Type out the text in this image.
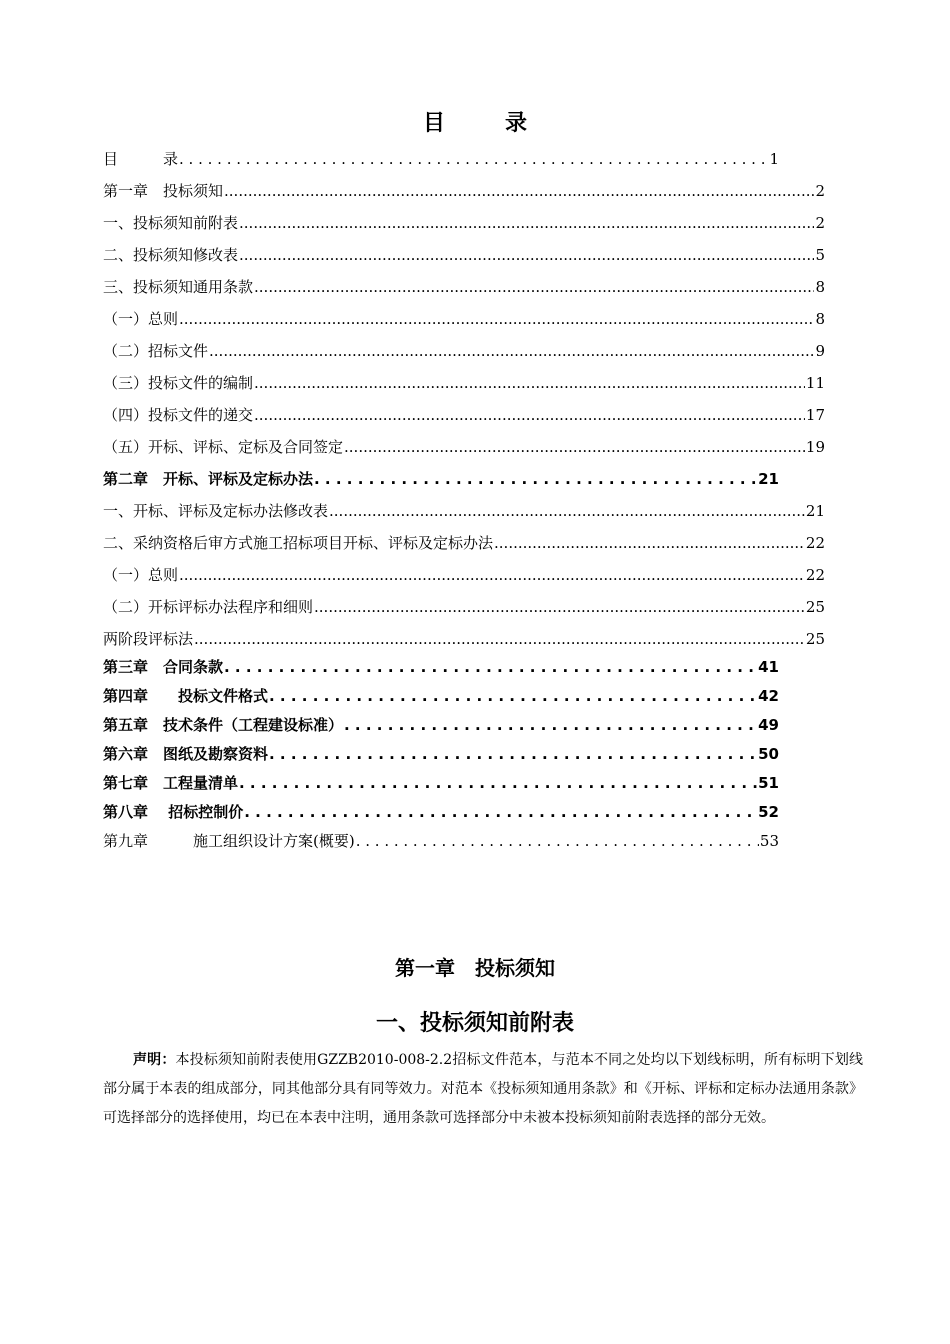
目	录
目　　　录 . . .	1
第一章　投标须知 .....	2
一、投标须知前附表 .....	2
二、投标须知修改表 .....	5
三、投标须知通用条款 .....	8
（一）总则 .....	8
（二）招标文件 .....	9
（三）投标文件的编制 .....	11
（四）投标文件的递交 .....	17
（五）开标、评标、定标及合同签定 .....	19
第二章　开标、评标及定标办法 . . .	21
一、开标、评标及定标办法修改表 .....	21
二、采纳资格后审方式施工招标项目开标、评标及定标办法 .....	22
（一）总则 .....	22
（二）开标评标办法程序和细则 .....	25
两阶段评标法 .....	25
第三章　合同条款 . . .	41
第四章　　投标文件格式 . . .	42
第五章　技术条件（工程建设标准） . . .	49
第六章　图纸及勘察资料 . . .	50
第七章　工程量清单 . . .	51
第八章　 招标控制价 . . .	52
第九章　　　施工组织设计方案(概要) . . .	53
第一章　投标须知
一、投标须知前附表
声明：本投标须知前附表使用GZZB2010-008-2.2招标文件范本，与范本不同之处均以下划线标明，所有标明下划线部分属于本表的组成部分，同其他部分具有同等效力。对范本《投标须知通用条款》和《开标、评标和定标办法通用条款》可选择部分的选择使用，均已在本表中注明，通用条款可选择部分中未被本投标须知前附表选择的部分无效。
